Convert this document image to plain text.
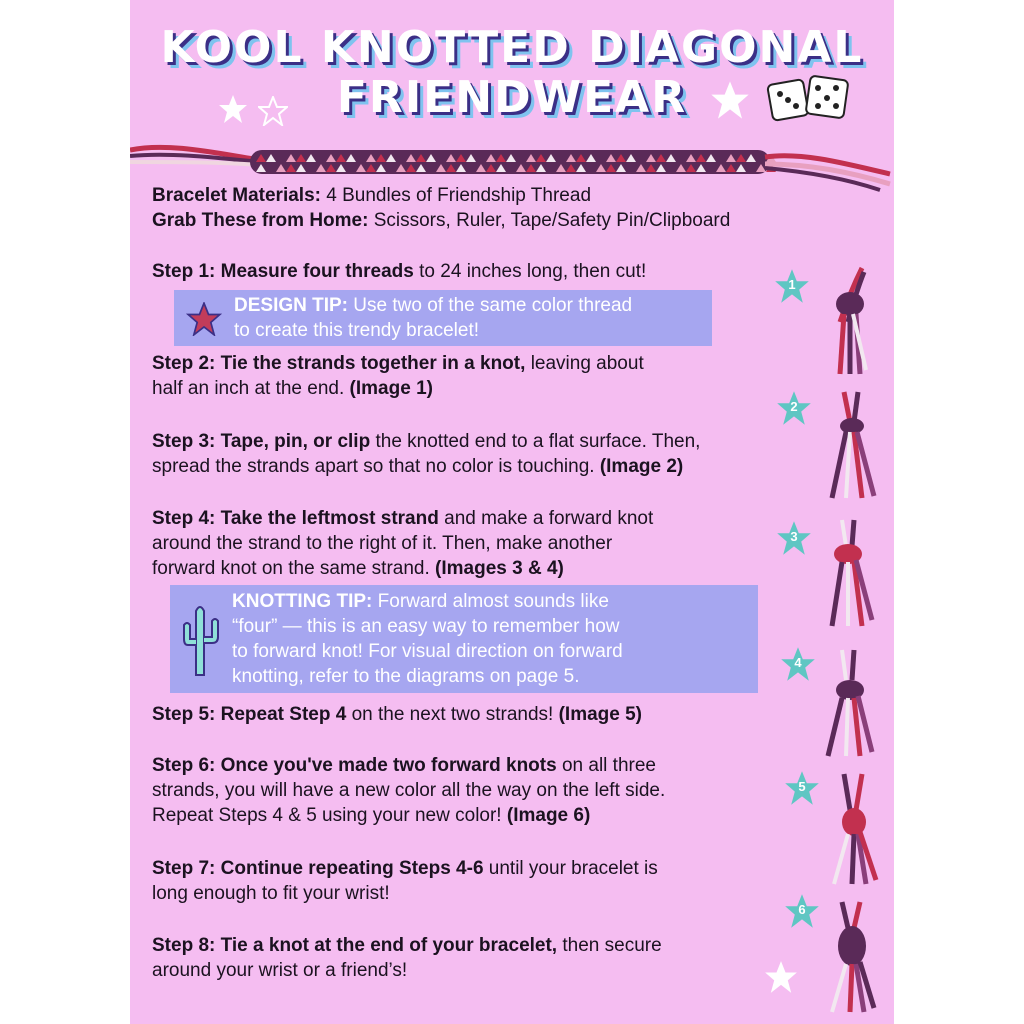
KOOL KNOTTED DIAGONAL
FRIENDWEAR
Bracelet Materials: 4 Bundles of Friendship Thread
Grab These from Home: Scissors, Ruler, Tape/Safety Pin/Clipboard
Step 1: Measure four threads to 24 inches long, then cut!
DESIGN TIP: Use two of the same color thread
to create this trendy bracelet!
Step 2: Tie the strands together in a knot, leaving about
half an inch at the end. (Image 1)
Step 3: Tape, pin, or clip the knotted end to a flat surface. Then,
spread the strands apart so that no color is touching. (Image 2)
Step 4: Take the leftmost strand and make a forward knot
around the strand to the right of it. Then, make another
forward knot on the same strand. (Images 3 & 4)
KNOTTING TIP: Forward almost sounds like
“four” — this is an easy way to remember how
to forward knot! For visual direction on forward
knotting, refer to the diagrams on page 5.
Step 5: Repeat Step 4 on the next two strands! (Image 5)
Step 6: Once you've made two forward knots on all three
strands, you will have a new color all the way on the left side.
Repeat Steps 4 & 5 using your new color! (Image 6)
Step 7: Continue repeating Steps 4-6 until your bracelet is
long enough to fit your wrist!
Step 8: Tie a knot at the end of your bracelet, then secure
around your wrist or a friend’s!
1
2
3
4
5
6
